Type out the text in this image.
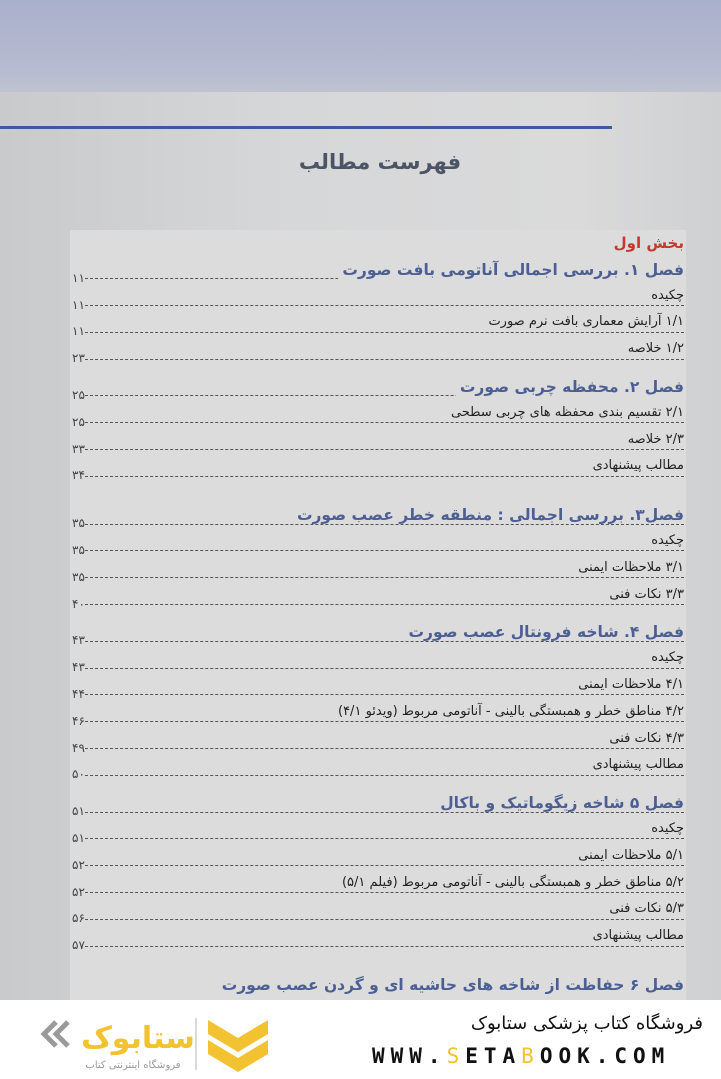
فهرست مطالب
بخش اول
فصل ۱. بررسی اجمالی آناتومی بافت صورت
۱۱
چکیده
۱۱
۱/۱ آرایش معماری بافت نرم صورت
۱۱
۱/۲ خلاصه
۲۳
فصل ۲. محفظه چربی صورت
۲۵
۲/۱ تقسیم بندی محفظه های چربی سطحی
۲۵
۲/۳ خلاصه
۳۳
مطالب پیشنهادی
۳۴
فصل۳. بررسی اجمالی : منطقه خطر عصب صورت
۳۵
چکیده
۳۵
۳/۱ ملاحظات ایمنی
۳۵
۳/۳ نکات فنی
۴۰
فصل ۴. شاخه فرونتال عصب صورت
۴۳
چکیده
۴۳
۴/۱ ملاحظات ایمنی
۴۴
۴/۲ مناطق خطر و همبستگی بالینی - آناتومی مربوط (ویدئو ۴/۱)
۴۶
۴/۳ نکات فنی
۴۹
مطالب پیشنهادی
۵۰
فصل ۵ شاخه زیگوماتیک و باکال
۵۱
چکیده
۵۱
۵/۱ ملاحظات ایمنی
۵۲
۵/۲ مناطق خطر و همبستگی بالینی - آناتومی مربوط (فیلم ۵/۱)
۵۲
۵/۳ نکات فنی
۵۶
مطالب پیشنهادی
۵۷
فصل ۶ حفاظت از شاخه های حاشیه ای و گردن عصب صورت
ستابوک
فروشگاه اینترنتی کتاب
فروشگاه کتاب پزشکی ستابوک
WWW.SETABOOK.COM
